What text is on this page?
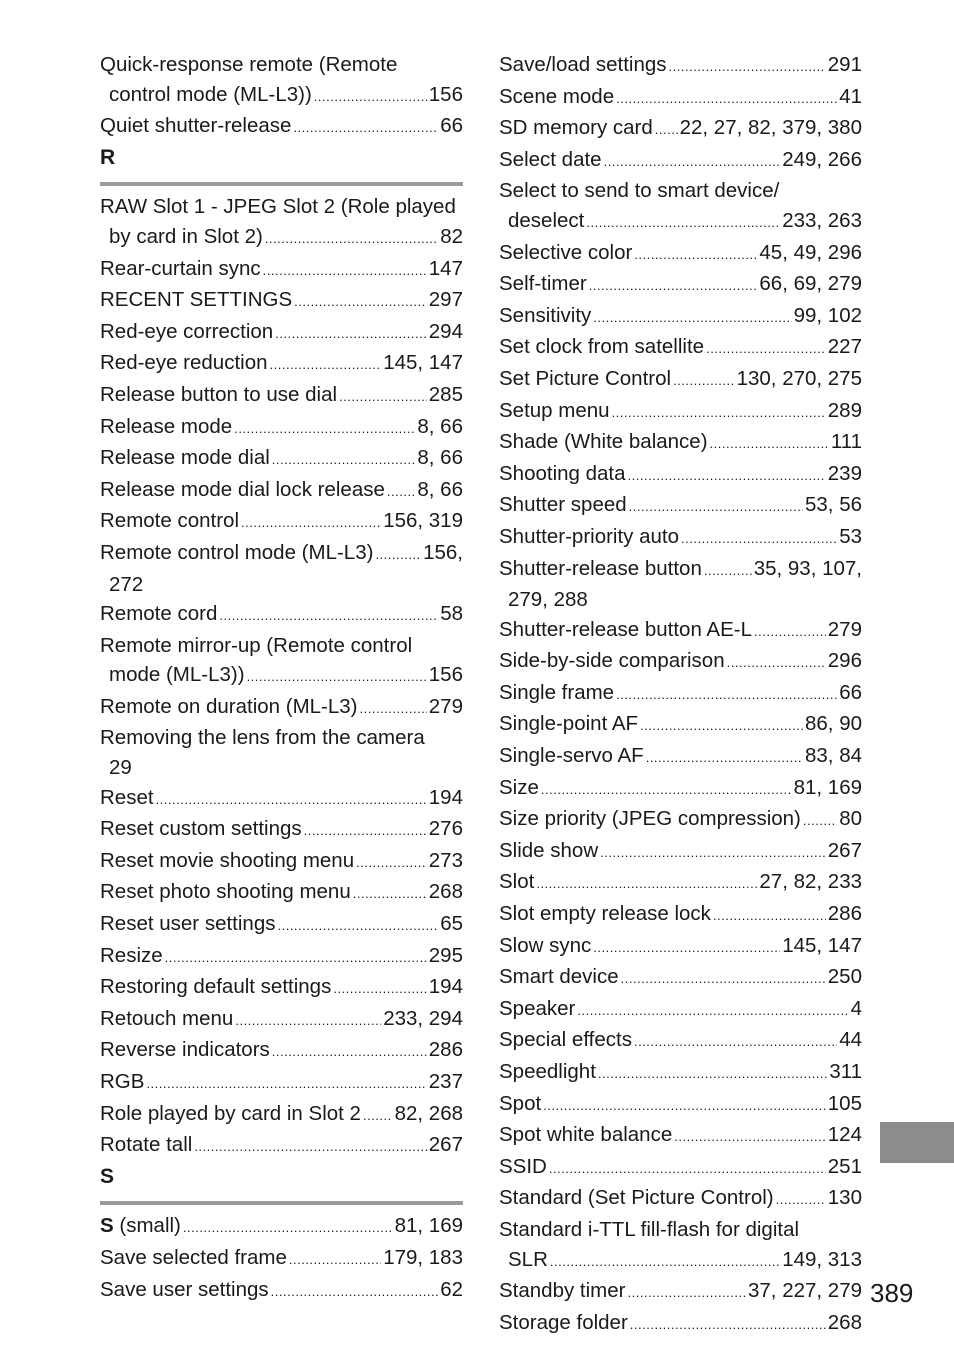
Quick-response remote (Remote
control mode (ML-L3)) .....	156
Quiet shutter-release .....	66
R
RAW Slot 1 - JPEG Slot 2 (Role played
by card in Slot 2) .....	82
Rear-curtain sync .....	147
RECENT SETTINGS .....	297
Red-eye correction .....	294
Red-eye reduction .....	145, 147
Release button to use dial .....	285
Release mode .....	8, 66
Release mode dial .....	8, 66
Release mode dial lock release ..... 8, 66
Remote control .....	156, 319
Remote control mode (ML-L3) ..... 156,
272
Remote cord .....	58
Remote mirror-up (Remote control
mode (ML-L3)) .....	156
Remote on duration (ML-L3) .....	279
Removing the lens from the camera
29
Reset .....	194
Reset custom settings .....	276
Reset movie shooting menu .....	273
Reset photo shooting menu .....	268
Reset user settings .....	65
Resize .....	295
Restoring default settings .....	194
Retouch menu .....	233, 294
Reverse indicators .....	286
RGB .....	237
Role played by card in Slot 2 ..... 82, 268
Rotate tall .....	267
S
S (small) .....	81, 169
Save selected frame .....	179, 183
Save user settings .....	62
Save/load settings .....	291
Scene mode .....	41
SD memory card ..... 22, 27, 82, 379, 380
Select date .....	249, 266
Select to send to smart device/
deselect .....	233, 263
Selective color .....	45, 49, 296
Self-timer .....	66, 69, 279
Sensitivity .....	99, 102
Set clock from satellite .....	227
Set Picture Control .....	130, 270, 275
Setup menu .....	289
Shade (White balance) .....	111
Shooting data .....	239
Shutter speed .....	53, 56
Shutter-priority auto .....	53
Shutter-release button .....	35, 93, 107,
279, 288
Shutter-release button AE-L .....	279
Side-by-side comparison .....	296
Single frame .....	66
Single-point AF .....	86, 90
Single-servo AF .....	83, 84
Size .....	81, 169
Size priority (JPEG compression) ..... 80
Slide show .....	267
Slot .....	27, 82, 233
Slot empty release lock .....	286
Slow sync .....	145, 147
Smart device .....	250
Speaker .....	4
Special effects .....	44
Speedlight .....	311
Spot .....	105
Spot white balance .....	124
SSID .....	251
Standard (Set Picture Control) .....	130
Standard i-TTL fill-flash for digital
SLR .....	149, 313
Standby timer .....	37, 227, 279
Storage folder .....	268
389
